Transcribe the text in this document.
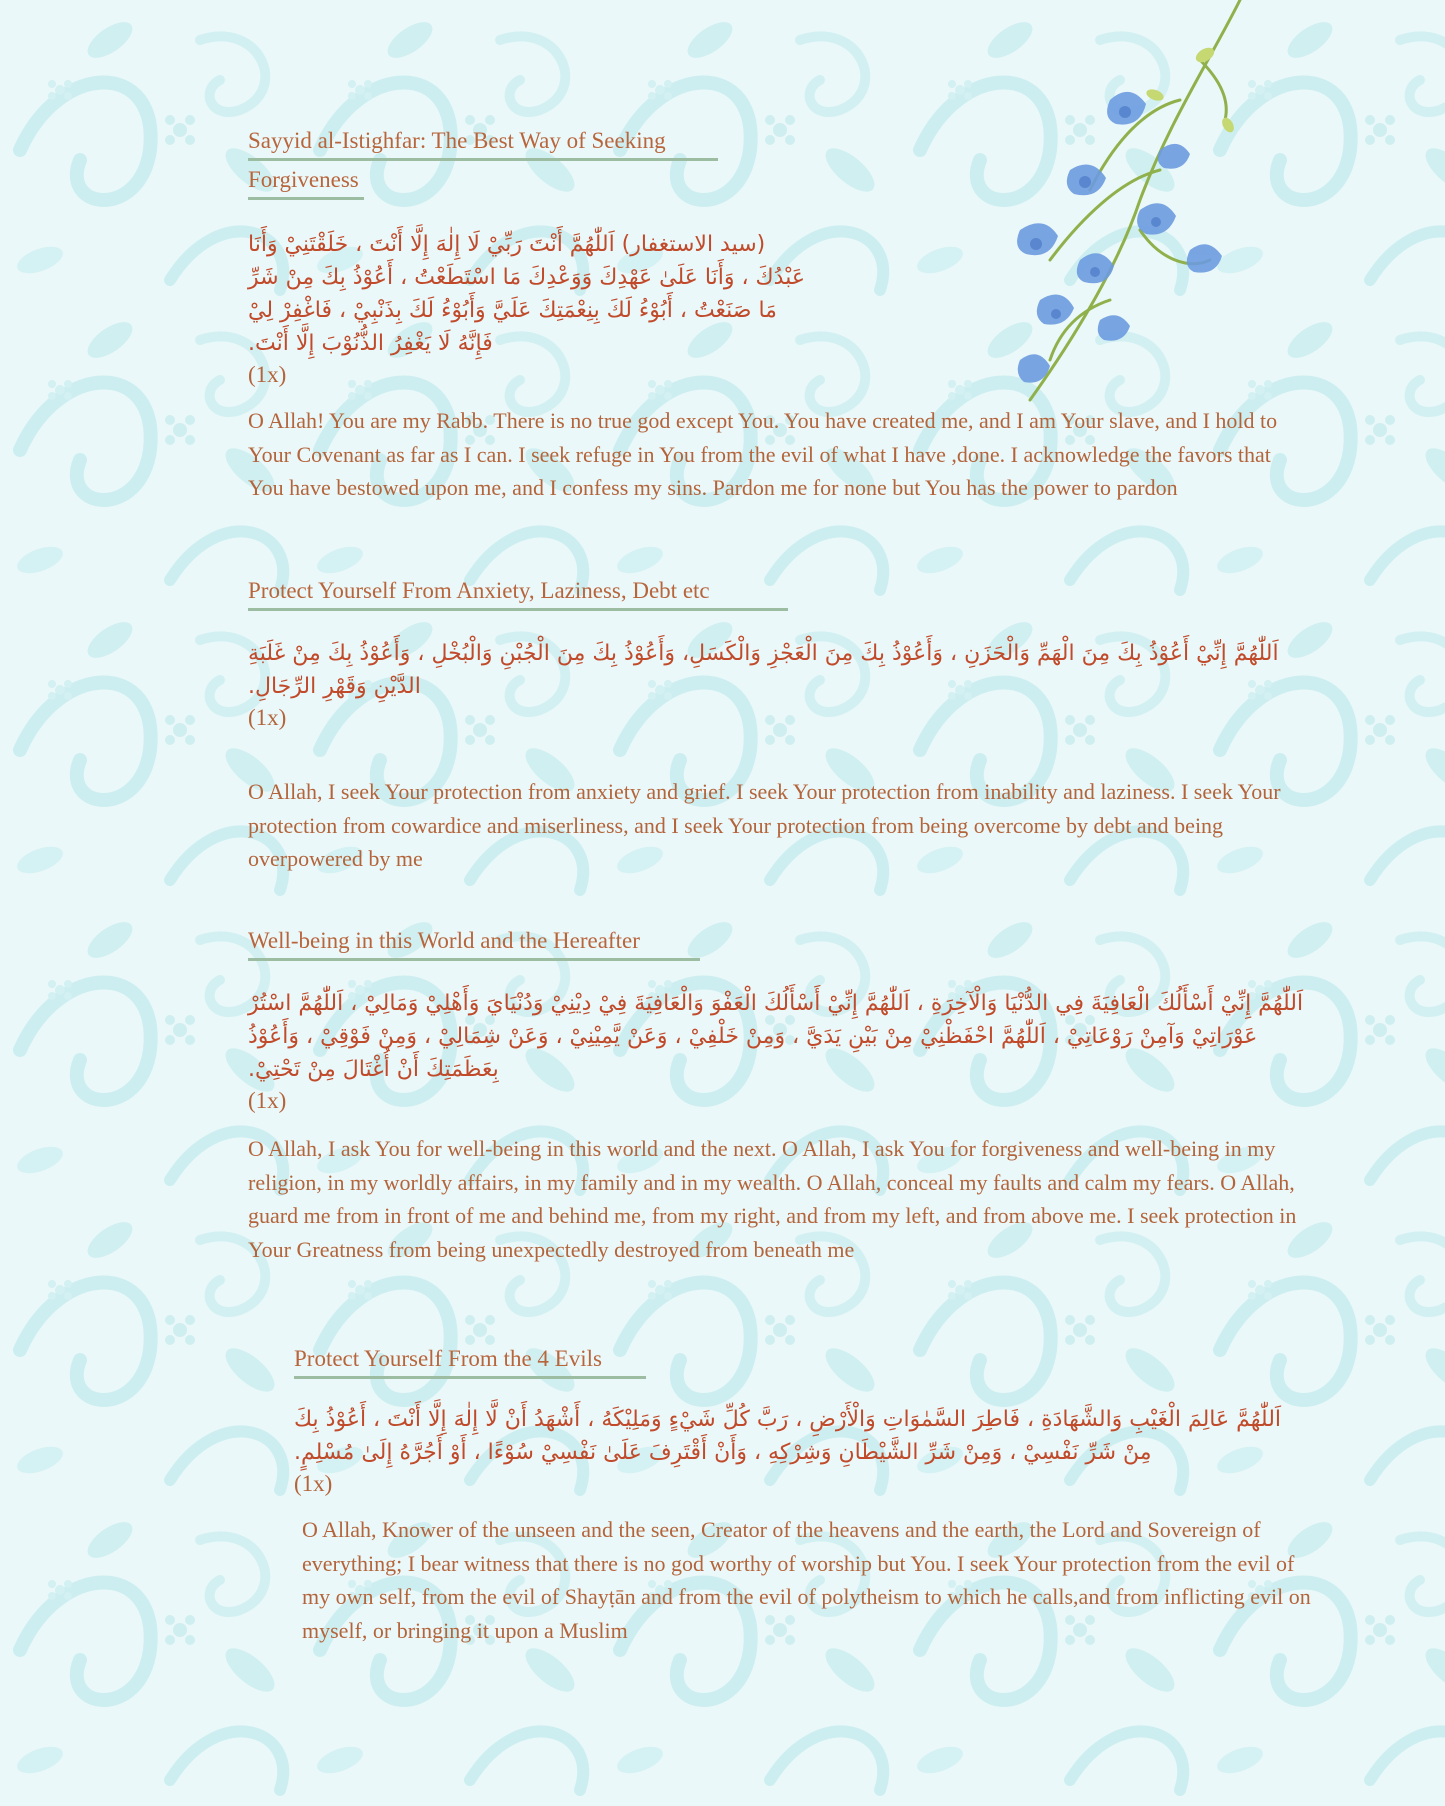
Sayyid al-Istighfar: The Best Way of Seeking
Forgiveness

(سيد الاستغفار) اَللّٰهُمَّ أَنْتَ رَبِّيْ لَا إِلٰهَ إِلَّا أَنْتَ ، خَلَقْتَنِيْ وَأَنَا عَبْدُكَ ، وَأَنَا عَلَىٰ عَهْدِكَ وَوَعْدِكَ مَا اسْتَطَعْتُ ، أَعُوْذُ بِكَ مِنْ شَرِّ مَا صَنَعْتُ ، أَبُوْءُ لَكَ بِنِعْمَتِكَ عَلَيَّ وَأَبُوْءُ لَكَ بِذَنْبِيْ ، فَاغْفِرْ لِيْ فَإِنَّهُ لَا يَغْفِرُ الذُّنُوْبَ إِلَّا أَنْتَ.

(1x)

O Allah! You are my Rabb. There is no true god except You. You have created me, and I am Your slave, and I hold to Your Covenant as far as I can. I seek refuge in You from the evil of what I have ,done. I acknowledge the favors that You have bestowed upon me, and I confess my sins. Pardon me for none but You has the power to pardon

Protect Yourself From Anxiety, Laziness, Debt etc

اَللّٰهُمَّ إِنِّيْ أَعُوْذُ بِكَ مِنَ الْهَمِّ وَالْحَزَنِ ، وَأَعُوْذُ بِكَ مِنَ الْعَجْزِ وَالْكَسَلِ، وَأَعُوْذُ بِكَ مِنَ الْجُبْنِ وَالْبُخْلِ ، وَأَعُوْذُ بِكَ مِنْ غَلَبَةِ الدَّيْنِ وَقَهْرِ الرِّجَالِ.

(1x)

O Allah, I seek Your protection from anxiety and grief. I seek Your protection from inability and laziness. I seek Your protection from cowardice and miserliness, and I seek Your protection from being overcome by debt and being overpowered by me

Well-being in this World and the Hereafter

اَللّٰهُمَّ إِنِّيْ أَسْأَلُكَ الْعَافِيَةَ فِي الدُّنْيَا وَالْآخِرَةِ ، اَللّٰهُمَّ إِنِّيْ أَسْأَلُكَ الْعَفْوَ وَالْعَافِيَةَ فِيْ دِيْنِيْ وَدُنْيَايَ وَأَهْلِيْ وَمَالِيْ ، اَللّٰهُمَّ اسْتُرْ عَوْرَاتِيْ وَآمِنْ رَوْعَاتِيْ ، اَللّٰهُمَّ احْفَظْنِيْ مِنْ بَيْنِ يَدَيَّ ، وَمِنْ خَلْفِيْ ، وَعَنْ يَّمِيْنِيْ ، وَعَنْ شِمَالِيْ ، وَمِنْ فَوْقِيْ ، وَأَعُوْذُ بِعَظَمَتِكَ أَنْ أُغْتَالَ مِنْ تَحْتِيْ.

(1x)

O Allah, I ask You for well-being in this world and the next. O Allah, I ask You for forgiveness and well-being in my religion, in my worldly affairs, in my family and in my wealth. O Allah, conceal my faults and calm my fears. O Allah, guard me from in front of me and behind me, from my right, and from my left, and from above me. I seek protection in Your Greatness from being unexpectedly destroyed from beneath me

Protect Yourself From the 4 Evils

اَللّٰهُمَّ عَالِمَ الْغَيْبِ وَالشَّهَادَةِ ، فَاطِرَ السَّمٰوَاتِ وَالْأَرْضِ ، رَبَّ كُلِّ شَيْءٍ وَمَلِيْكَهُ ، أَشْهَدُ أَنْ لَّا إِلٰهَ إِلَّا أَنْتَ ، أَعُوْذُ بِكَ مِنْ شَرِّ نَفْسِيْ ، وَمِنْ شَرِّ الشَّيْطَانِ وَشِرْكِهِ ، وَأَنْ أَقْتَرِفَ عَلَىٰ نَفْسِيْ سُوْءًا ، أَوْ أَجُرَّهُ إِلَىٰ مُسْلِمٍ.

(1x)

O Allah, Knower of the unseen and the seen, Creator of the heavens and the earth, the Lord and Sovereign of everything; I bear witness that there is no god worthy of worship but You. I seek Your protection from the evil of my own self, from the evil of Shayṭān and from the evil of polytheism to which he calls,and from inflicting evil on myself, or bringing it upon a Muslim
